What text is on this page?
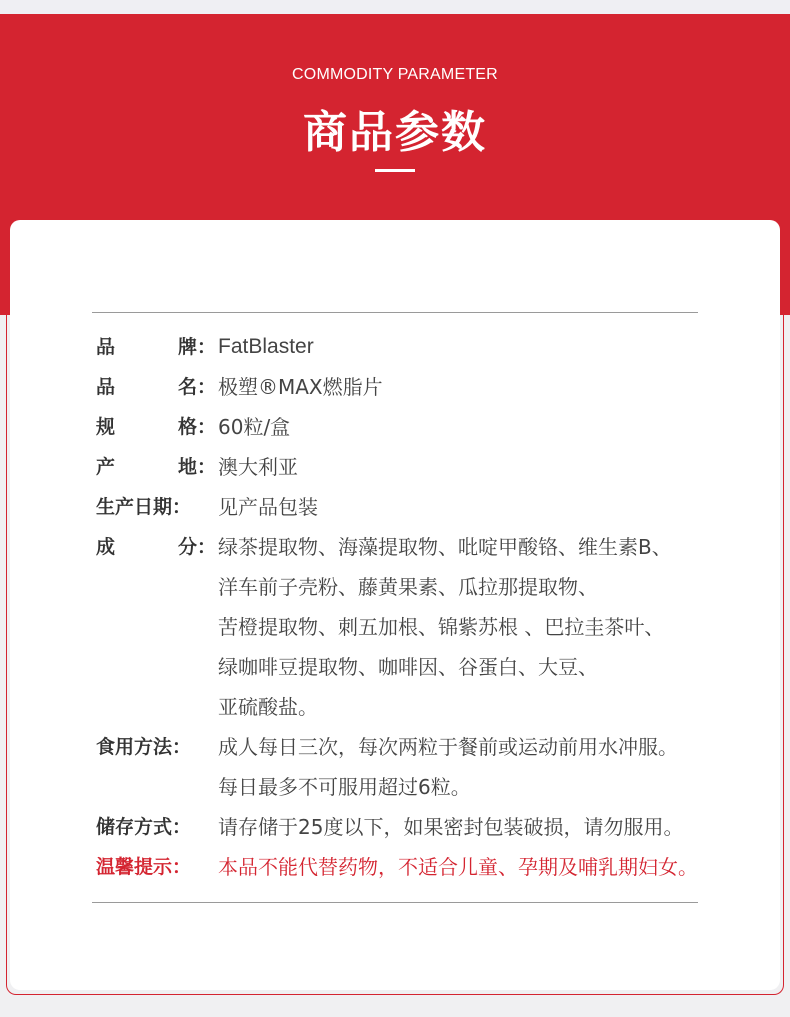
COMMODITY PARAMETER
商品参数
品	牌： FatBlaster
品	名： 极塑®MAX燃脂片
规	格： 60粒/盒
产	地： 澳大利亚
生产日期： 见产品包装
成	分： 绿茶提取物、海藻提取物、吡啶甲酸铬、维生素B、
洋车前子壳粉、藤黄果素、瓜拉那提取物、
苦橙提取物、刺五加根、锦紫苏根 、巴拉圭茶叶、
绿咖啡豆提取物、咖啡因、谷蛋白、大豆、
亚硫酸盐。
食用方法： 成人每日三次，每次两粒于餐前或运动前用水冲服。
每日最多不可服用超过6粒。
储存方式： 请存储于25度以下，如果密封包装破损，请勿服用。
温馨提示： 本品不能代替药物，不适合儿童、孕期及哺乳期妇女。
